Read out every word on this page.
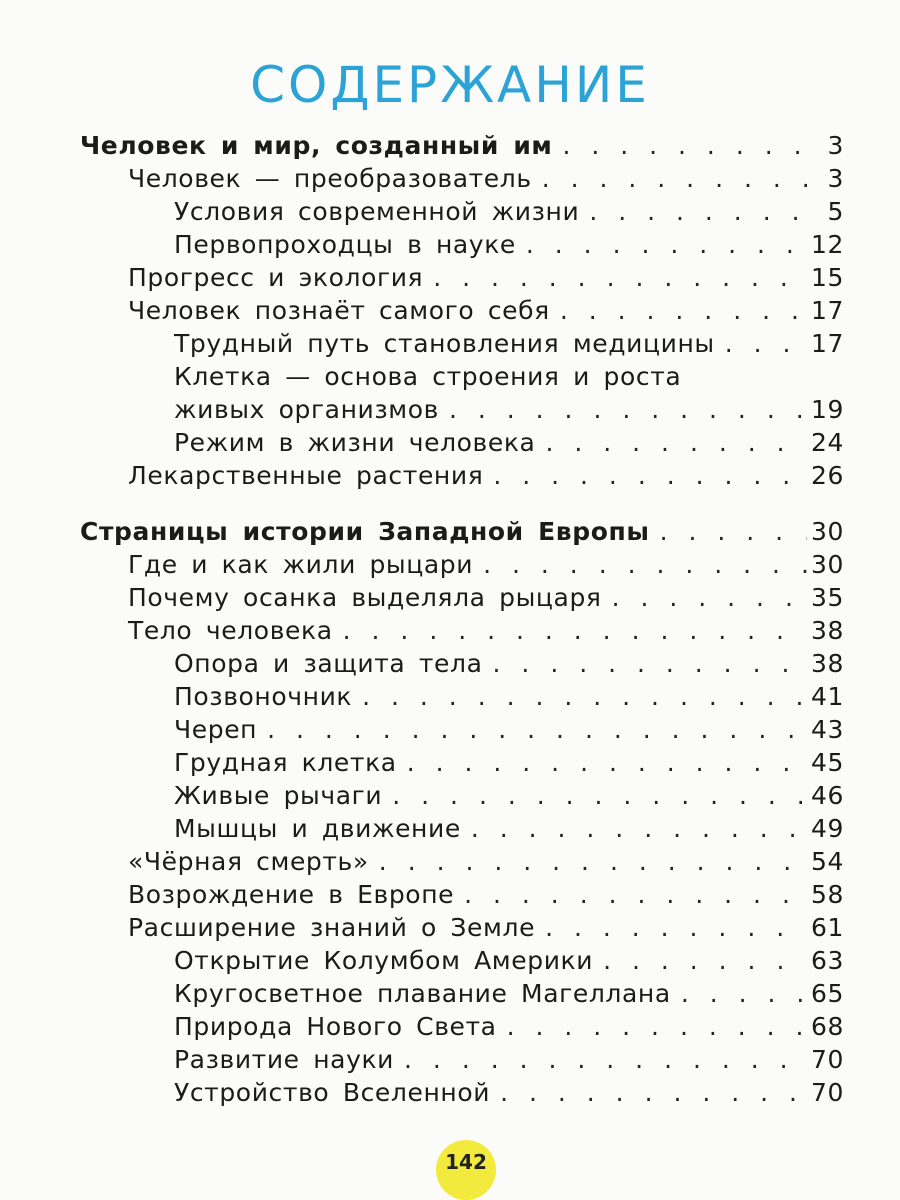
СОДЕРЖАНИЕ
Человек и мир, созданный им . . .	3
Человек — преобразователь . . .	3
Условия современной жизни . . .	5
Первопроходцы в науке . . .	12
Прогресс и экология . . .	15
Человек познаёт самого себя . . .	17
Трудный путь становления медицины . . .	17
Клетка — основа строения и роста
живых организмов . . .	19
Режим в жизни человека . . .	24
Лекарственные растения . . .	26
Страницы истории Западной Европы . . .	30
Где и как жили рыцари . . .	30
Почему осанка выделяла рыцаря . . .	35
Тело человека . . .	38
Опора и защита тела . . .	38
Позвоночник . . .	41
Череп . . .	43
Грудная клетка . . .	45
Живые рычаги . . .	46
Мышцы и движение . . .	49
«Чёрная смерть» . . .	54
Возрождение в Европе . . .	58
Расширение знаний о Земле . . .	61
Открытие Колумбом Америки . . .	63
Кругосветное плавание Магеллана . . .	65
Природа Нового Света . . .	68
Развитие науки . . .	70
Устройство Вселенной . . .	70
142
